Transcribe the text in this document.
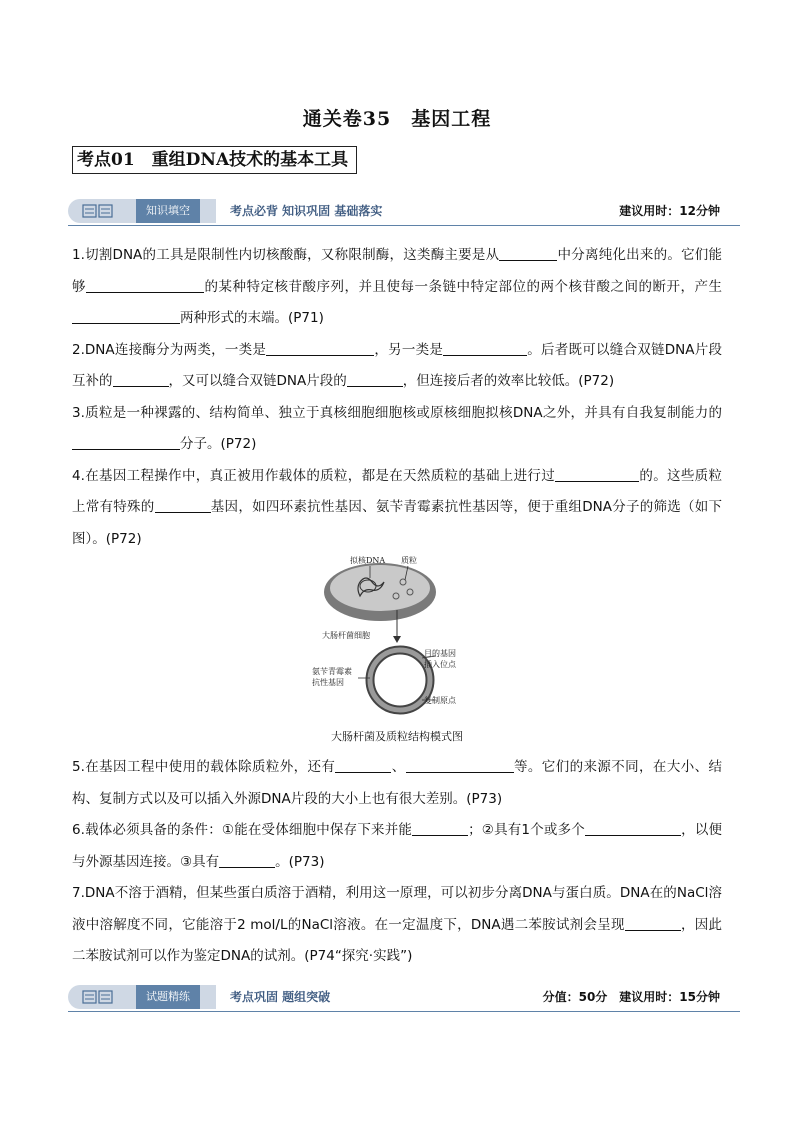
通关卷35　基因工程
考点01　重组DNA技术的基本工具
知识填空	考点必背 知识巩固 基础落实	建议用时：12分钟

1.切割DNA的工具是限制性内切核酸酶，又称限制酶，这类酶主要是从	中分离纯化出来的。它们能够	的某种特定核苷酸序列，并且使每一条链中特定部位的两个核苷酸之间的断开，产生两种形式的末端。(P71)

2.DNA连接酶分为两类，一类是	，另一类是	。后者既可以缝合双链DNA片段互补的	，又可以缝合双链DNA片段的	，但连接后者的效率比较低。(P72)

3.质粒是一种裸露的、结构简单、独立于真核细胞细胞核或原核细胞拟核DNA之外，并具有自我复制能力的分子。(P72)

4.在基因工程操作中，真正被用作载体的质粒，都是在天然质粒的基础上进行过	的。这些质粒上常有特殊的	基因，如四环素抗性基因、氨苄青霉素抗性基因等，便于重组DNA分子的筛选（如下图）。(P72)

拟核DNA 质粒
大肠杆菌细胞
目的基因
插入位点
氨苄青霉素
抗性基因
复制原点
大肠杆菌及质粒结构模式图

5.在基因工程中使用的载体除质粒外，还有	、	等。它们的来源不同，在大小、结构、复制方式以及可以插入外源DNA片段的大小上也有很大差别。(P73)

6.载体必须具备的条件：①能在受体细胞中保存下来并能	；②具有1个或多个	，以便与外源基因连接。③具有	。(P73)

7.DNA不溶于酒精，但某些蛋白质溶于酒精，利用这一原理，可以初步分离DNA与蛋白质。DNA在的NaCl溶液中溶解度不同，它能溶于2 mol/L的NaCl溶液。在一定温度下，DNA遇二苯胺试剂会呈现	，因此二苯胺试剂可以作为鉴定DNA的试剂。(P74“探究·实践”)

试题精练	考点巩固 题组突破	分值：50分　建议用时：15分钟
